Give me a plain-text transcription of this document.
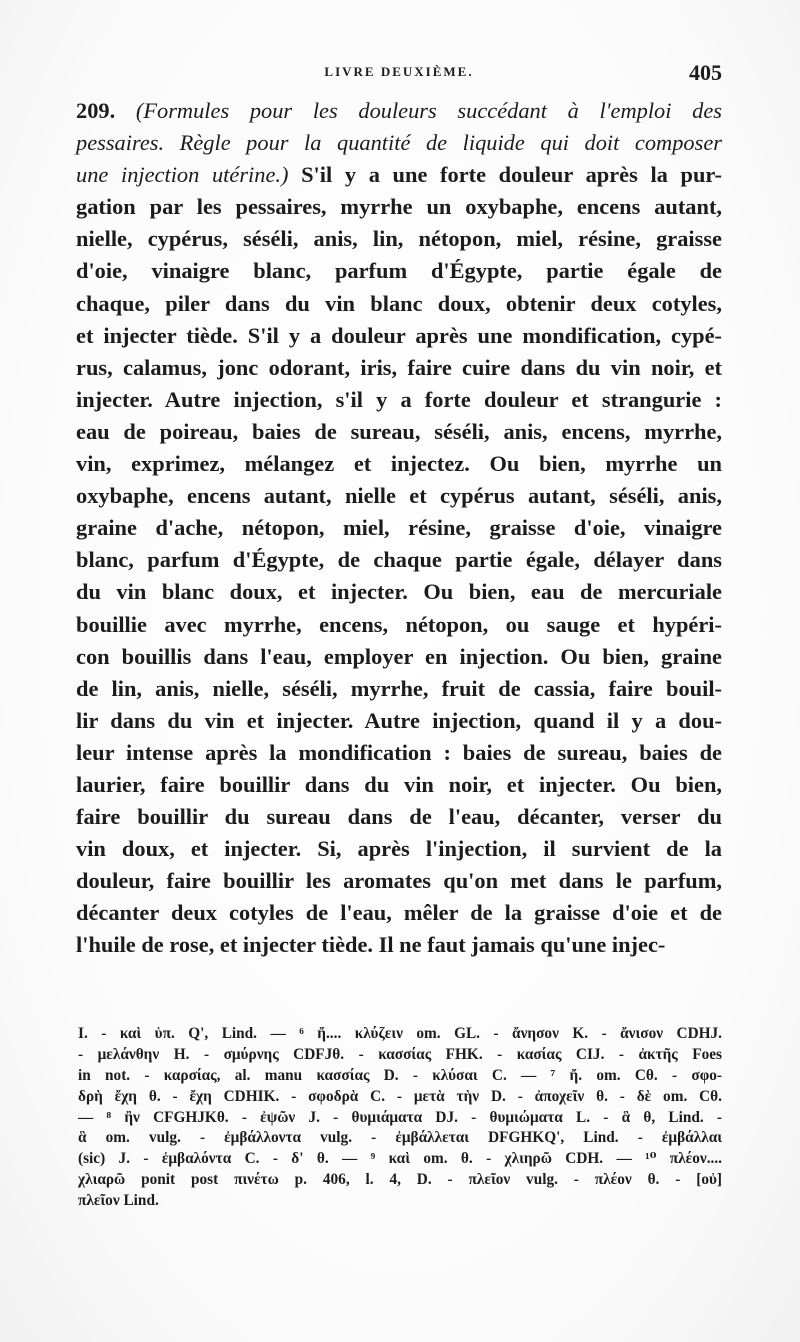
LIVRE DEUXIÈME.	405
209. (Formules pour les douleurs succédant à l'emploi des
pessaires. Règle pour la quantité de liquide qui doit composer
une injection utérine.) S'il y a une forte douleur après la pur-
gation par les pessaires, myrrhe un oxybaphe, encens autant,
nielle, cypérus, séséli, anis, lin, nétopon, miel, résine, graisse
d'oie, vinaigre blanc, parfum d'Égypte, partie égale de
chaque, piler dans du vin blanc doux, obtenir deux cotyles,
et injecter tiède. S'il y a douleur après une mondification, cypé-
rus, calamus, jonc odorant, iris, faire cuire dans du vin noir, et
injecter. Autre injection, s'il y a forte douleur et strangurie :
eau de poireau, baies de sureau, séséli, anis, encens, myrrhe,
vin, exprimez, mélangez et injectez. Ou bien, myrrhe un
oxybaphe, encens autant, nielle et cypérus autant, séséli, anis,
graine d'ache, nétopon, miel, résine, graisse d'oie, vinaigre
blanc, parfum d'Égypte, de chaque partie égale, délayer dans
du vin blanc doux, et injecter. Ou bien, eau de mercuriale
bouillie avec myrrhe, encens, nétopon, ou sauge et hypéri-
con bouillis dans l'eau, employer en injection. Ou bien, graine
de lin, anis, nielle, séséli, myrrhe, fruit de cassia, faire bouil-
lir dans du vin et injecter. Autre injection, quand il y a dou-
leur intense après la mondification : baies de sureau, baies de
laurier, faire bouillir dans du vin noir, et injecter. Ou bien,
faire bouillir du sureau dans de l'eau, décanter, verser du
vin doux, et injecter. Si, après l'injection, il survient de la
douleur, faire bouillir les aromates qu'on met dans le parfum,
décanter deux cotyles de l'eau, mêler de la graisse d'oie et de
l'huile de rose, et injecter tiède. Il ne faut jamais qu'une injec-
I. - καὶ ὑπ. Q', Lind. — ⁶ ἤ.... κλύζειν om. GL. - ἄνησον K. - ἄνισον CDHJ.
- μελάνθην H. - σμύρνης CDFJθ. - κασσίας FHK. - κασίας CIJ. - ἀκτῆς Foes
in not. - καρσίας, al. manu κασσίας D. - κλύσαι C. — ⁷ ἤ. om. Cθ. - σφο-
δρὴ ἔχη θ. - ἔχη CDHIK. - σφοδρὰ C. - μετὰ τὴν D. - ἀποχεῖν θ. - δὲ om. Cθ.
— ⁸ ἢν CFGHJKθ. - ἐψῶν J. - θυμιάματα DJ. - θυμιώματα L. - ἃ θ, Lind. -
ἃ om. vulg. - ἐμβάλλοντα vulg. - ἐμβάλλεται DFGHKQ', Lind. - ἐμβάλλαι
(sic) J. - ἐμβαλόντα C. - δ' θ. — ⁹ καὶ om. θ. - χλιηρῶ CDH. — ¹⁰ πλέον....
χλιαρῶ ponit post πινέτω p. 406, l. 4, D. - πλεῖον vulg. - πλέον θ. - [οὐ]
πλεῖον Lind.
